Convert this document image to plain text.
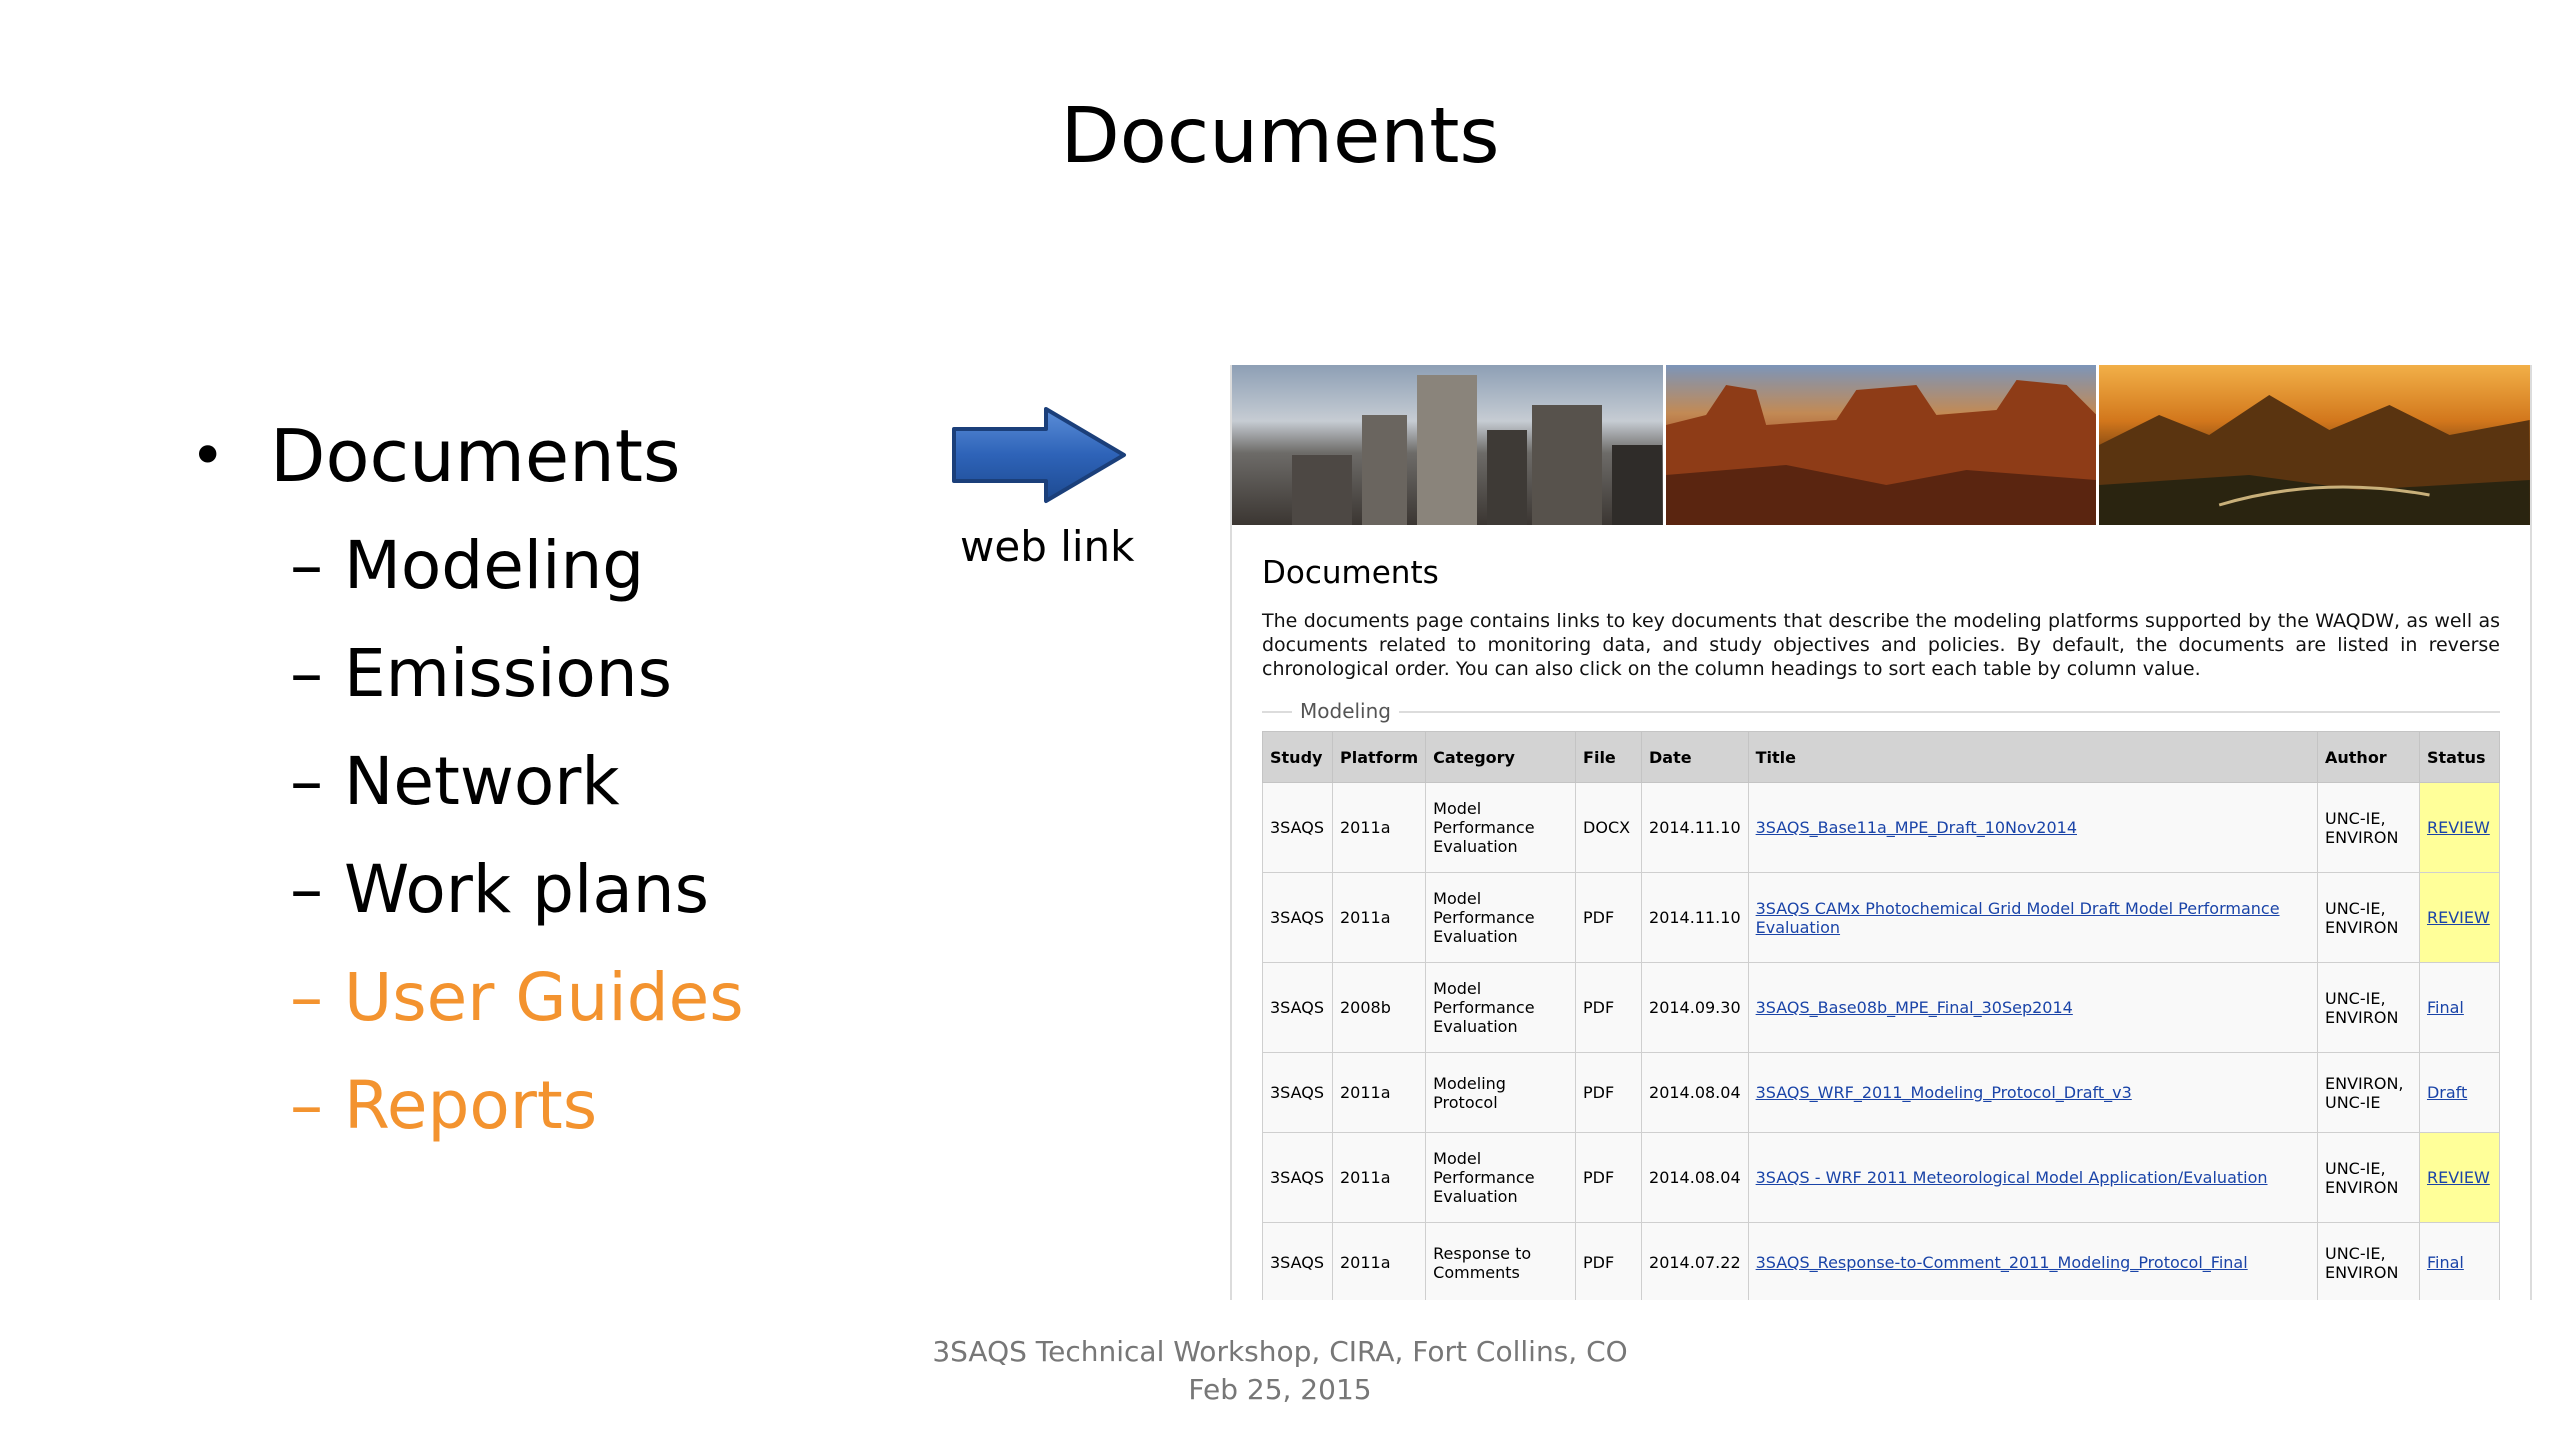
Documents
• Documents
– Modeling
– Emissions
– Network
– Work plans
– User Guides
– Reports
web link
Documents
The documents page contains links to key documents that describe the modeling platforms supported by the WAQDW, as well as documents related to monitoring data, and study objectives and policies. By default, the documents are listed in reverse chronological order. You can also click on the column headings to sort each table by column value.
Modeling
Study	Platform	Category	File	Date	Title	Author	Status
3SAQS	2011a	Model Performance Evaluation	DOCX	2014.11.10	3SAQS_Base11a_MPE_Draft_10Nov2014	UNC-IE, ENVIRON	REVIEW
3SAQS	2011a	Model Performance Evaluation	PDF	2014.11.10	3SAQS CAMx Photochemical Grid Model Draft Model Performance Evaluation	UNC-IE, ENVIRON	REVIEW
3SAQS	2008b	Model Performance Evaluation	PDF	2014.09.30	3SAQS_Base08b_MPE_Final_30Sep2014	UNC-IE, ENVIRON	Final
3SAQS	2011a	Modeling Protocol	PDF	2014.08.04	3SAQS_WRF_2011_Modeling_Protocol_Draft_v3	ENVIRON, UNC-IE	Draft
3SAQS	2011a	Model Performance Evaluation	PDF	2014.08.04	3SAQS - WRF 2011 Meteorological Model Application/Evaluation	UNC-IE, ENVIRON	REVIEW
3SAQS	2011a	Response to Comments	PDF	2014.07.22	3SAQS_Response-to-Comment_2011_Modeling_Protocol_Final	UNC-IE, ENVIRON	Final
3SAQS Technical Workshop, CIRA, Fort Collins, CO
Feb 25, 2015
